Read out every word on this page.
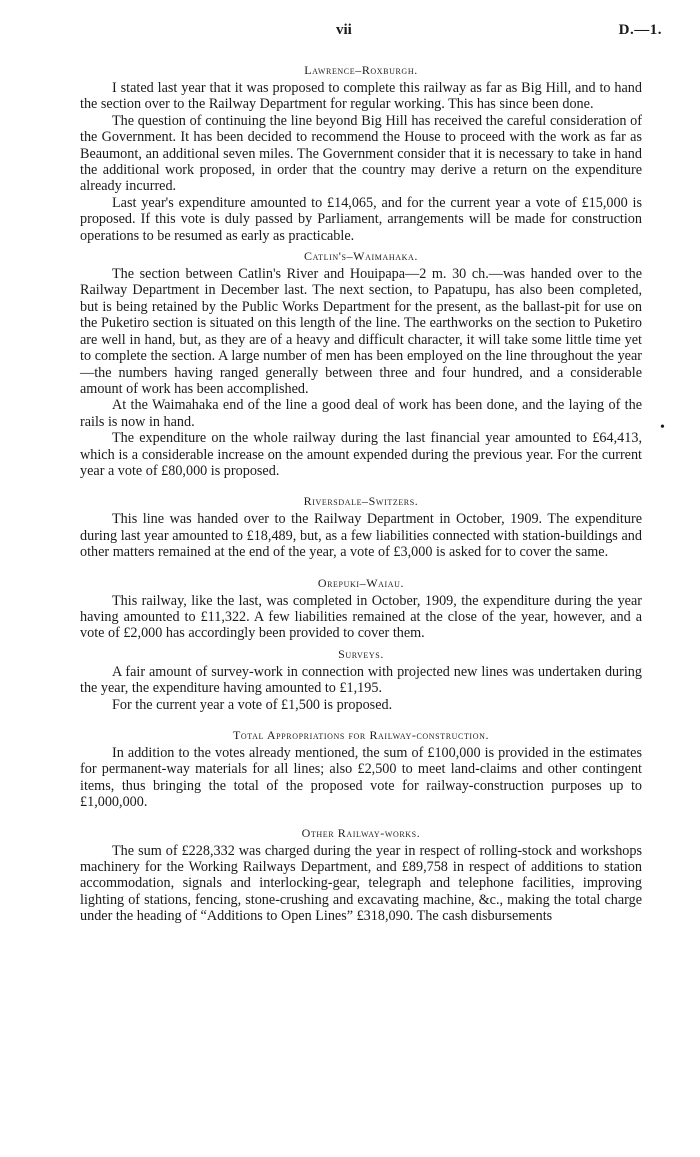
vii	D.—1.
Lawrence–Roxburgh.

I stated last year that it was proposed to complete this railway as far as Big Hill, and to hand the section over to the Railway Department for regular working. This has since been done.

The question of continuing the line beyond Big Hill has received the careful consideration of the Government. It has been decided to recommend the House to proceed with the work as far as Beaumont, an additional seven miles. The Government consider that it is necessary to take in hand the additional work proposed, in order that the country may derive a return on the expenditure already incurred.

Last year's expenditure amounted to £14,065, and for the current year a vote of £15,000 is proposed. If this vote is duly passed by Parliament, arrangements will be made for construction operations to be resumed as early as practicable.

Catlin's–Waimahaka.

The section between Catlin's River and Houipapa—2 m. 30 ch.—was handed over to the Railway Department in December last. The next section, to Papatupu, has also been completed, but is being retained by the Public Works Department for the present, as the ballast-pit for use on the Puketiro section is situated on this length of the line. The earthworks on the section to Puketiro are well in hand, but, as they are of a heavy and difficult character, it will take some little time yet to complete the section. A large number of men has been employed on the line throughout the year—the numbers having ranged generally between three and four hundred, and a considerable amount of work has been accomplished.

At the Waimahaka end of the line a good deal of work has been done, and the laying of the rails is now in hand.

The expenditure on the whole railway during the last financial year amounted to £64,413, which is a considerable increase on the amount expended during the previous year. For the current year a vote of £80,000 is proposed.

Riversdale–Switzers.

This line was handed over to the Railway Department in October, 1909. The expenditure during last year amounted to £18,489, but, as a few liabilities connected with station-buildings and other matters remained at the end of the year, a vote of £3,000 is asked for to cover the same.

Orepuki–Waiau.

This railway, like the last, was completed in October, 1909, the expenditure during the year having amounted to £11,322. A few liabilities remained at the close of the year, however, and a vote of £2,000 has accordingly been provided to cover them.

Surveys.

A fair amount of survey-work in connection with projected new lines was undertaken during the year, the expenditure having amounted to £1,195.

For the current year a vote of £1,500 is proposed.

Total Appropriations for Railway-construction.

In addition to the votes already mentioned, the sum of £100,000 is provided in the estimates for permanent-way materials for all lines; also £2,500 to meet land-claims and other contingent items, thus bringing the total of the proposed vote for railway-construction purposes up to £1,000,000.

Other Railway-works.

The sum of £228,332 was charged during the year in respect of rolling-stock and workshops machinery for the Working Railways Department, and £89,758 in respect of additions to station accommodation, signals and interlocking-gear, telegraph and telephone facilities, improving lighting of stations, fencing, stone-crushing and excavating machine, &c., making the total charge under the heading of “Additions to Open Lines” £318,090. The cash disbursements

•
